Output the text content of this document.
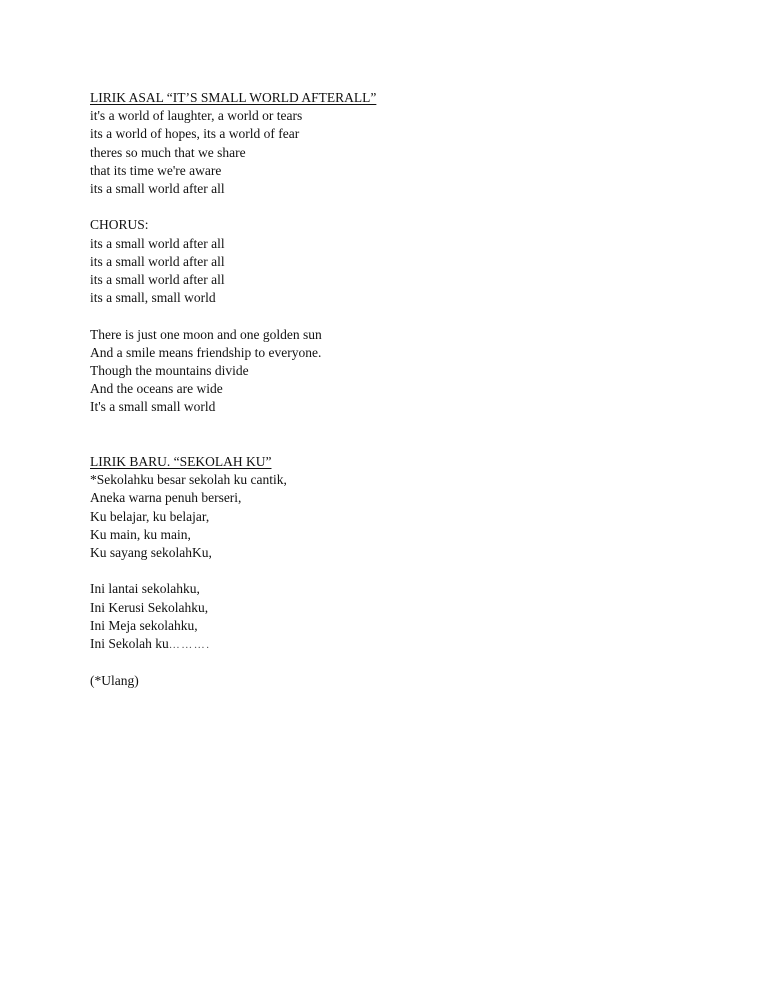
LIRIK ASAL “IT’S SMALL WORLD AFTERALL”
it's a world of laughter, a world or tears
its a world of hopes, its a world of fear
theres so much that we share
that its time we're aware
its a small world after all
CHORUS:
its a small world after all
its a small world after all
its a small world after all
its a small, small world
There is just one moon and one golden sun
And a smile means friendship to everyone.
Though the mountains divide
And the oceans are wide
It's a small small world
LIRIK BARU. “SEKOLAH KU”
*Sekolahku besar sekolah ku cantik,
Aneka warna penuh berseri,
Ku belajar, ku belajar,
Ku main, ku main,
Ku sayang sekolahKu,
Ini lantai sekolahku,
Ini Kerusi Sekolahku,
Ini Meja sekolahku,
Ini Sekolah ku……….
(*Ulang)
